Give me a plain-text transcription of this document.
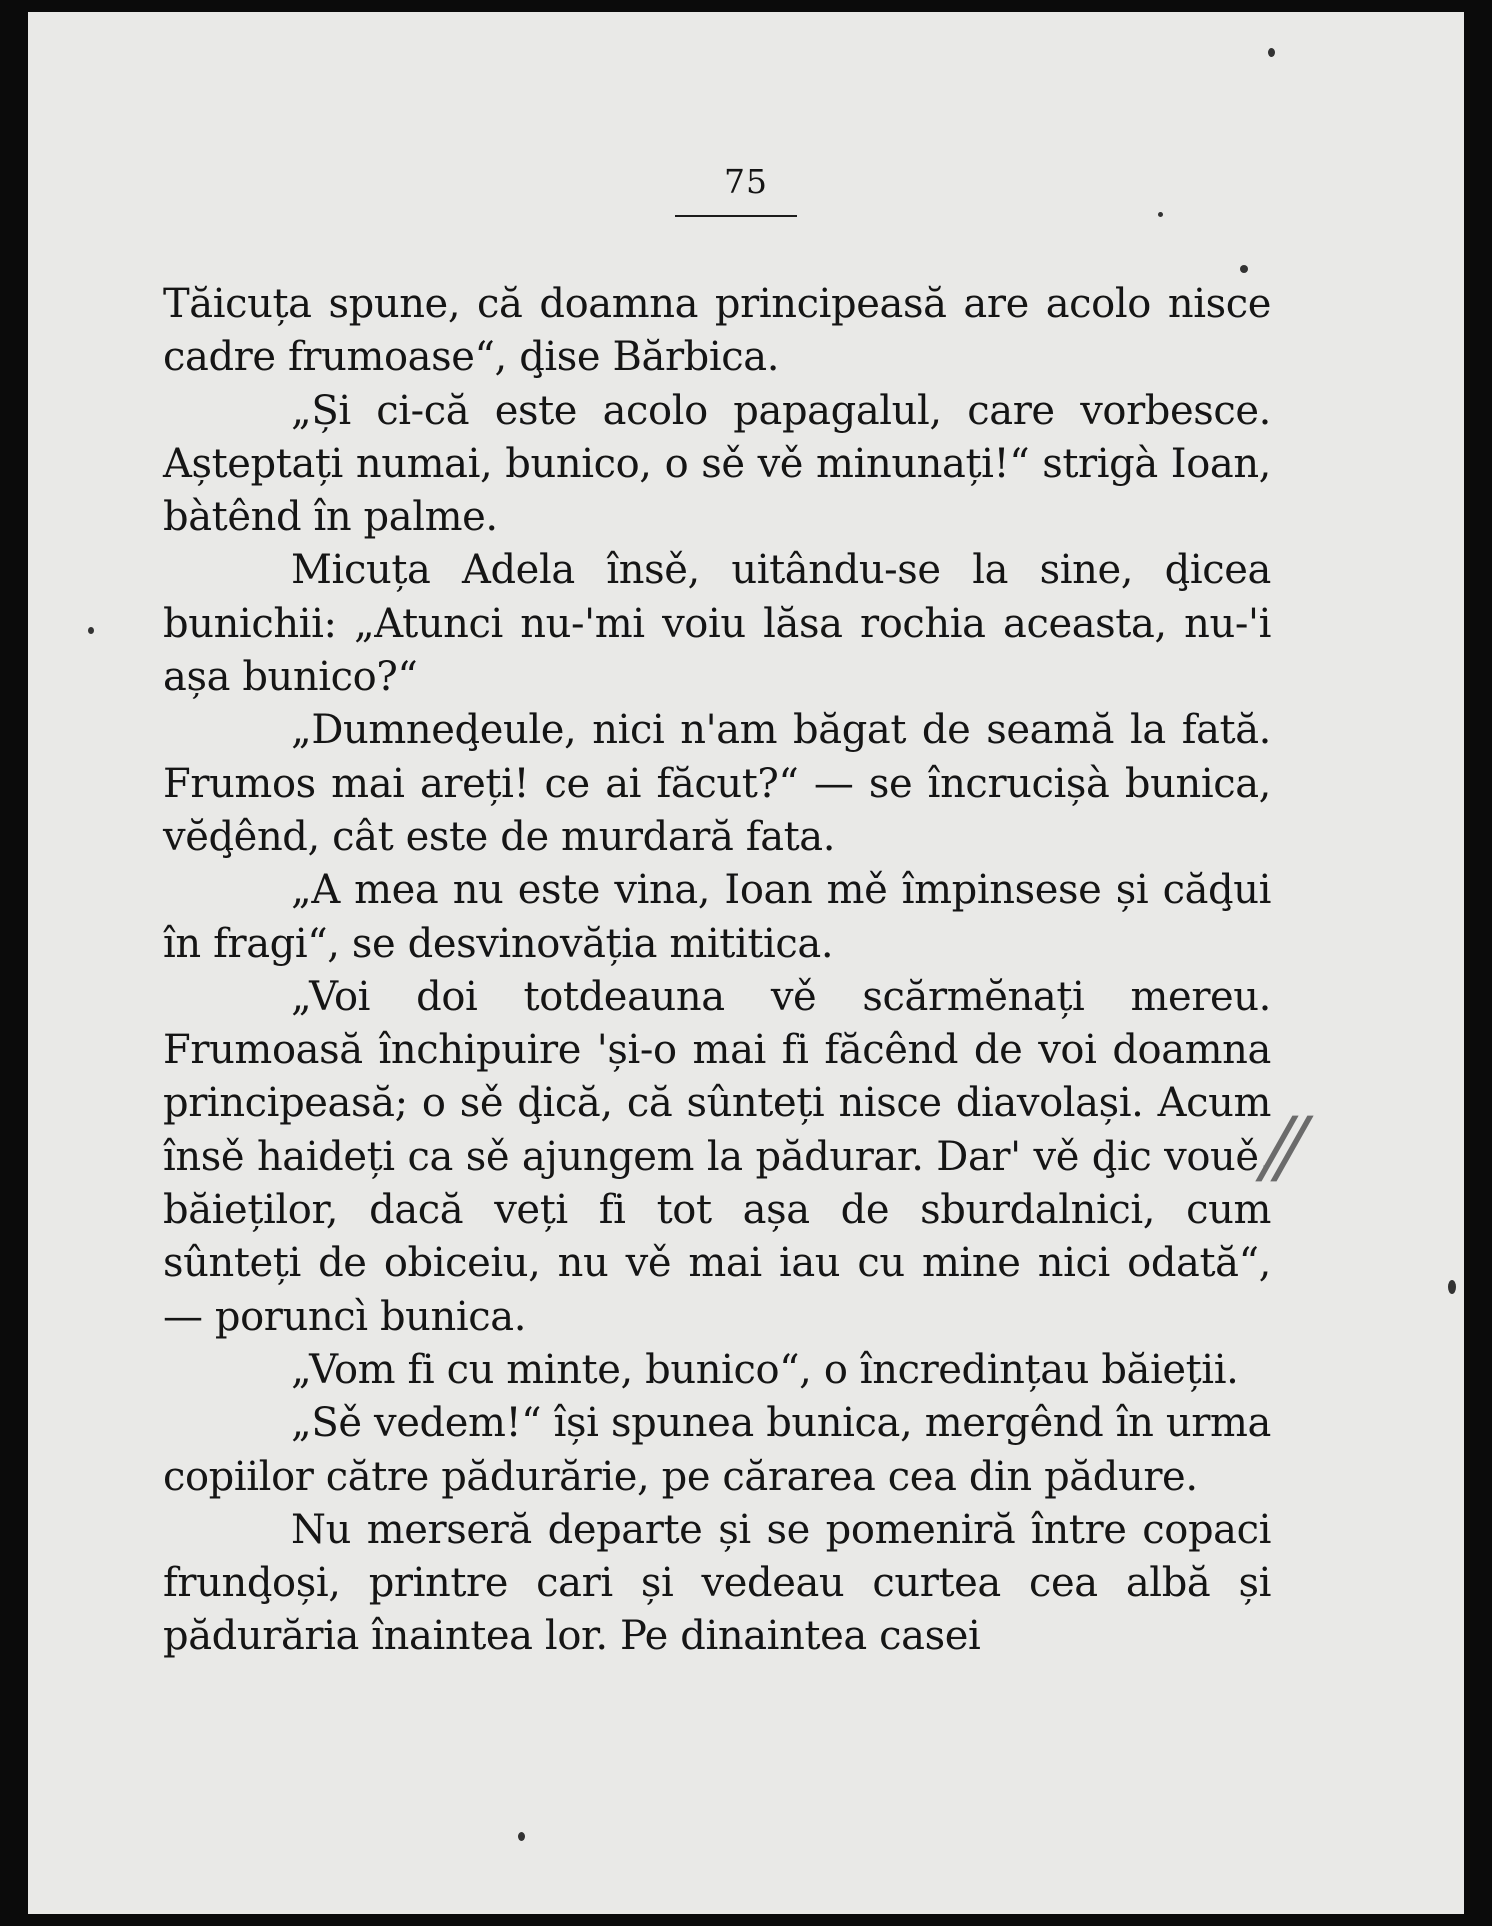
75

Tăicuța spune, că doamna principeasă are acolo nisce cadre frumoase“, ḑise Bărbica.

„Și ci-că este acolo papagalul, care vorbesce. Așteptați numai, bunico, o sě vě minunați!“ strigà Ioan, bàtênd în palme.

Micuța Adela însě, uitându-se la sine, ḑicea bunichii: „Atunci nu-'mi voiu lăsa rochia aceasta, nu-'i așa bunico?“

„Dumneḑeule, nici n'am băgat de seamă la fată. Frumos mai areți! ce ai făcut?“ — se încrucișà bunica, vĕḑênd, cât este de murdară fata.

„A mea nu este vina, Ioan mě împinsese și căḑui în fragi“, se desvinovăția mititica.

„Voi doi totdeauna vě scărmĕnați mereu. Frumoasă închipuire 'și-o mai fi făcênd de voi doamna principeasă; o sě ḑică, că sûnteți nisce diavolași. Acum însě haideți ca sě ajungem la pădurar. Dar' vě ḑic vouě, băieților, dacă veți fi tot așa de sburdalnici, cum sûnteți de obiceiu, nu vě mai iau cu mine nici odată“, — poruncì bunica.

„Vom fi cu minte, bunico“, o încredințau băieții.

„Sě vedem!“ își spunea bunica, mergênd în urma copiilor către pădurărie, pe cărarea cea din pădure.

Nu merseră departe și se pomeniră între copaci frunḑoși, printre cari și vedeau curtea cea albă și pădurăria înaintea lor. Pe dinaintea casei

//
